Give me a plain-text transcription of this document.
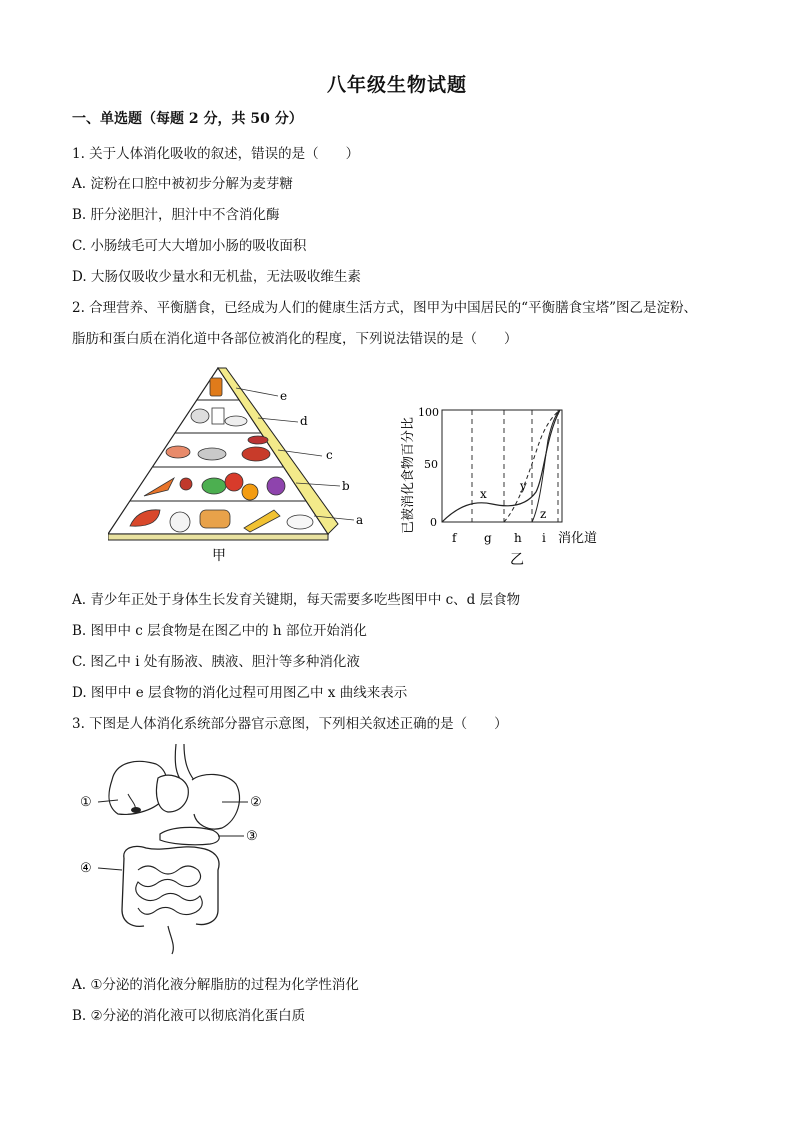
八年级生物试题
一、单选题（每题 2 分，共 50 分）
1. 关于人体消化吸收的叙述，错误的是（　　）
A. 淀粉在口腔中被初步分解为麦芽糖
B. 肝分泌胆汁，胆汁中不含消化酶
C. 小肠绒毛可大大增加小肠的吸收面积
D. 大肠仅吸收少量水和无机盐，无法吸收维生素
2. 合理营养、平衡膳食，已经成为人们的健康生活方式，图甲为中国居民的“平衡膳食宝塔”图乙是淀粉、
脂肪和蛋白质在消化道中各部位被消化的程度，下列说法错误的是（　　）
e
d
c
b
a
甲
已被消化食物百分比
100
50
0
x
y
z
f g h i 消化道
乙
A. 青少年正处于身体生长发育关键期，每天需要多吃些图甲中 c、d 层食物
B. 图甲中 c 层食物是在图乙中的 h 部位开始消化
C. 图乙中 i 处有肠液、胰液、胆汁等多种消化液
D. 图甲中 e 层食物的消化过程可用图乙中 x 曲线来表示
3. 下图是人体消化系统部分器官示意图，下列相关叙述正确的是（　　）
①	②
③
④
A. ①分泌的消化液分解脂肪的过程为化学性消化
B. ②分泌的消化液可以彻底消化蛋白质
